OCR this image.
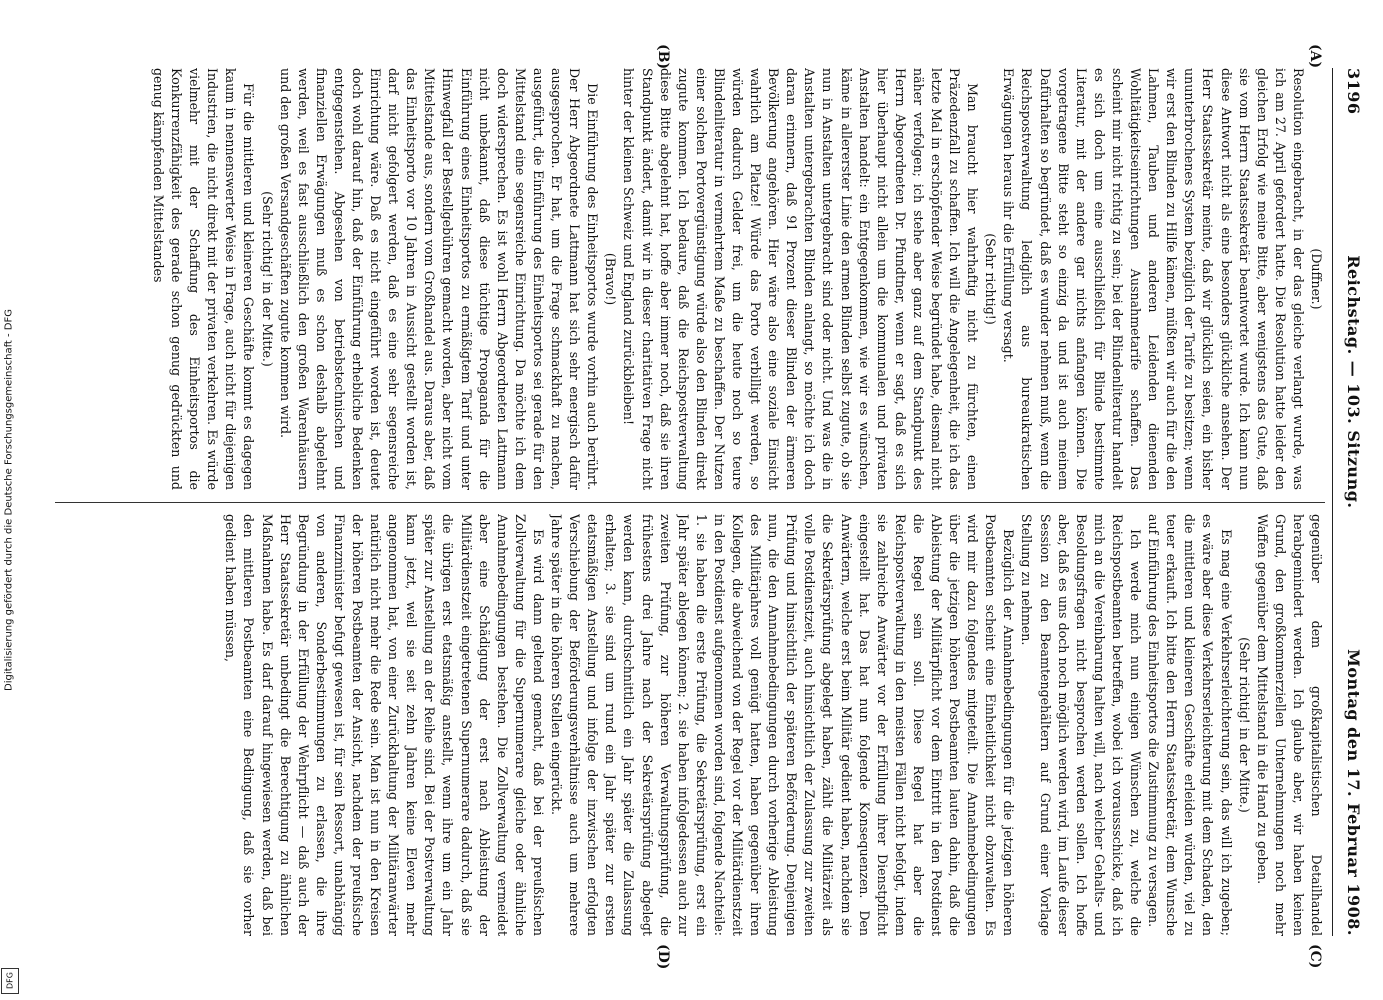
Digitalisierung gefördert durch die Deutsche Forschungsgemeinschaft - DFG
DFG
3196
Reichstag. — 103. Sitzung.
Montag den 17. Februar 1908.
(A)
(B)
(C)
(D)

(Duffner.)

Resolution eingebracht, in der das gleiche verlangt wurde, was ich am 27. April gefordert hatte. Die Resolution hatte leider den gleichen Erfolg wie meine Bitte, aber wenigstens das Gute, daß sie vom Herrn Staatssekretär beantwortet wurde. Ich kann nun diese Antwort nicht als eine besonders glückliche ansehen. Der Herr Staatssekretär meinte, daß wir glücklich seien, ein bisher ununterbrochenes System bezüglich der Tarife zu besitzen; wenn wir erst den Blinden zu Hilfe kämen, müßten wir auch für die den Lahmen, Tauben und anderen Leidenden dienenden Wohltätigkeitseinrichtungen Ausnahmetarife schaffen. Das scheint mir nicht richtig zu sein; bei der Blindenliteratur handelt es sich doch um eine ausschließlich für Blinde bestimmte Literatur, mit der andere gar nichts anfangen können. Die vorgetragene Bitte steht so einzig da und ist auch meinem Dafürhalten so begründet, daß es wunder nehmen muß, wenn die Reichspostverwaltung lediglich aus bureaukratischen Erwägungen heraus ihr die Erfüllung versagt.

(Sehr richtig!)

Man braucht hier wahrhaftig nicht zu fürchten, einen Präzedenzfall zu schaffen. Ich will die Angelegenheit, die ich das letzte Mal in erschöpfender Weise begründet habe, diesmal nicht näher verfolgen; ich stehe aber ganz auf dem Standpunkt des Herrn Abgeordneten Dr. Pfundtner, wenn er sagt, daß es sich hier überhaupt nicht allein um die kommunalen und privaten Anstalten handelt: ein Entgegenkommen, wie wir es wünschen, käme in allererster Linie den armen Blinden selbst zugute, ob sie nun in Anstalten untergebracht sind oder nicht. Und was die in Anstalten untergebrachten Blinden anlangt, so möchte ich doch daran erinnern, daß 91 Prozent dieser Blinden der ärmeren Bevölkerung angehören. Hier wäre also eine soziale Einsicht wahrlich am Platze! Würde das Porto verbilligt werden, so würden dadurch Gelder frei, um die heute noch so teure Blindenliteratur in vermehrtem Maße zu beschaffen. Der Nutzen einer solchen Portovergünstigung würde also den Blinden direkt zugute kommen. Ich bedaure, daß die Reichspostverwaltung diese Bitte abgelehnt hat, hoffe aber immer noch, daß sie ihren Standpunkt ändert, damit wir in dieser charitativen Frage nicht hinter der kleinen Schweiz und England zurückbleiben!

(Bravo!)

Die Einführung des Einheitsportos wurde vorhin auch berührt. Der Herr Abgeordnete Lattmann hat sich sehr energisch dafür ausgesprochen. Er hat, um die Frage schmackhaft zu machen, ausgeführt, die Einführung des Einheitsportos sei gerade für den Mittelstand eine segensreiche Einrichtung. Da möchte ich dem doch widersprechen. Es ist wohl Herrn Abgeordneten Lattmann nicht unbekannt, daß diese tüchtige Propaganda für die Einführung eines Einheitsportos zu ermäßigtem Tarif und unter Hinwegfall der Bestellgebühren gemacht worden, aber nicht vom Mittelstande aus, sondern vom Großhandel aus. Daraus aber, daß das Einheitsporto vor 10 Jahren in Aussicht gestellt worden ist, darf nicht gefolgert werden, daß es eine sehr segensreiche Einrichtung wäre. Daß es nicht eingeführt worden ist, deutet doch wohl darauf hin, daß der Einführung erhebliche Bedenken entgegenstehen. Abgesehen von betriebstechnischen und finanziellen Erwägungen muß es schon deshalb abgelehnt werden, weil es fast ausschließlich den großen Warenhäusern und den großen Versandgeschäften zugute kommen wird.

(Sehr richtig! in der Mitte.)

Für die mittleren und kleineren Geschäfte kommt es dagegen kaum in nennenswerter Weise in Frage, auch nicht für diejenigen Industrien, die nicht direkt mit der privaten verkehren. Es würde vielmehr mit der Schaffung des Einheitsportos die Konkurrenzfähigkeit des gerade schon genug gedrückten und genug kämpfenden Mittelstandes

gegenüber dem großkapitalistischen Detailhandel herabgemindert werden. Ich glaube aber, wir haben keinen Grund, den großkommerziellen Unternehmungen noch mehr Waffen gegenüber dem Mittelstand in die Hand zu geben.

(Sehr richtig! in der Mitte.)

Es mag eine Verkehrserleichterung sein, das will ich zugeben; es wäre aber diese Verkehrserleichterung mit dem Schaden, den die mittleren und kleineren Geschäfte erleiden würden, viel zu teuer erkauft. Ich bitte den Herrn Staatssekretär, dem Wunsche auf Einführung des Einheitsportos die Zustimmung zu versagen.

Ich werde mich nun einigen Wünschen zu, welche die Reichspostbeamten betreffen, wobei ich voraussschicke, daß ich mich an die Vereinbarung halten will, nach welcher Gehalts- und Besoldungsfragen nicht besprochen werden sollen. Ich hoffe aber, daß es uns doch noch möglich werden wird, im Laufe dieser Session zu den Beamtengehältern auf Grund einer Vorlage Stellung zu nehmen.

Bezüglich der Annahmebedingungen für die jetzigen höheren Postbeamten scheint eine Einheitlichkeit nicht obzuwalten. Es wird mir dazu folgendes mitgeteilt. Die Annahmebedingungen über die jetzigen höheren Postbeamten lauten dahin, daß die Ableistung der Militärpflicht vor dem Eintritt in den Postdienst die Regel sein soll. Diese Regel hat aber die Reichspostverwaltung in den meisten Fällen nicht befolgt, indem sie zahlreiche Anwärter vor der Erfüllung ihrer Dienstpflicht eingestellt hat. Das hat nun folgende Konsequenzen. Den Anwärtern, welche erst beim Militär gedient haben, nachdem sie die Sekretärsprüfung abgelegt haben, zählt die Militärzeit als volle Postdienstzeit, auch hinsichtlich der Zulassung zur zweiten Prüfung und hinsichtlich der späteren Beförderung. Denjenigen nun, die den Annahmebedingungen durch vorherige Ableistung des Militärjahres voll genügt hatten, haben gegenüber ihren Kollegen, die abweichend von der Regel vor der Militärdienstzeit in den Postdienst aufgenommen worden sind, folgende Nachteile: 1. sie haben die erste Prüfung, die Sekretärsprüfung, erst ein Jahr später ablegen können; 2. sie haben infolgedessen auch zur zweiten Prüfung, zur höheren Verwaltungsprüfung, die frühestens drei Jahre nach der Sekretärsprüfung abgelegt werden kann, durchschnittlich ein Jahr später die Zulassung erhalten; 3. sie sind um rund ein Jahr später zur ersten etatsmäßigen Anstellung und infolge der inzwischen erfolgten Verschiebung der Beförderungsverhältnisse auch um mehrere Jahre später in die höheren Stellen eingerückt.

Es wird dann geltend gemacht, daß bei der preußischen Zollverwaltung für die Supernumerare gleiche oder ähnliche Annahmebedingungen bestehen. Die Zollverwaltung vermeidet aber eine Schädigung der erst nach Ableistung der Militärdienstzeit eingetretenen Supernumerare dadurch, daß sie die übrigen erst etatsmäßig anstellt, wenn ihre um ein Jahr später zur Anstellung an der Reihe sind. Bei der Postverwaltung kann jetzt, weil sie seit zehn Jahren keine Eleven mehr angenommen hat, von einer Zurückhaltung der Militäranwärter natürlich nicht mehr die Rede sein. Man ist nun in den Kreisen der höheren Postbeamten der Ansicht, nachdem der preußische Finanzminister befugt gewesen ist, für sein Ressort, unabhängig von anderen, Sonderbestimmungen zu erlassen, die ihre Begründung in der Erfüllung der Wehrpflicht — daß auch der Herr Staatssekretär unbedingt die Berechtigung zu ähnlichen Maßnahmen habe. Es darf darauf hingewiesen werden, daß bei den mittleren Postbeamten eine Bedingung, daß sie vorher gedient haben müssen,
